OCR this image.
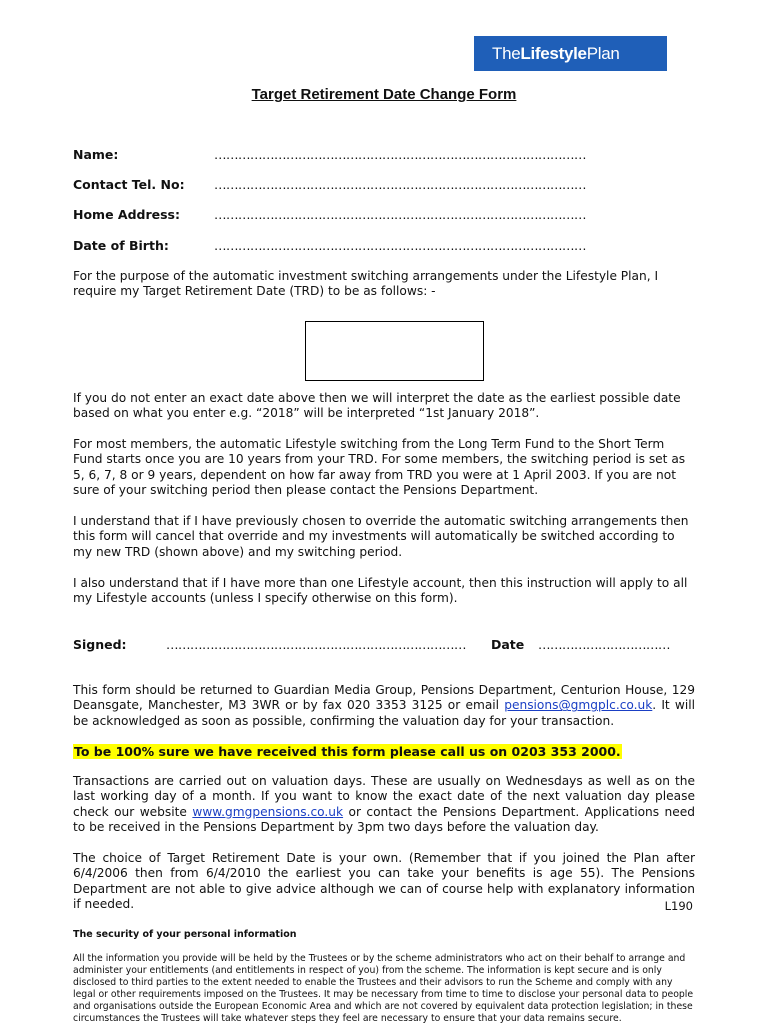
The Lifestyle Plan
Target Retirement Date Change Form
Name:	…………………………………………………………………………………
Contact Tel. No: …………………………………………………………………………………
Home Address:	…………………………………………………………………………………
Date of Birth:	…………………………………………………………………………………
For the purpose of the automatic investment switching arrangements under the Lifestyle Plan, I require my Target Retirement Date (TRD) to be as follows: -
If you do not enter an exact date above then we will interpret the date as the earliest possible date based on what you enter e.g. “2018” will be interpreted “1st January 2018”.
For most members, the automatic Lifestyle switching from the Long Term Fund to the Short Term Fund starts once you are 10 years from your TRD. For some members, the switching period is set as 5, 6, 7, 8 or 9 years, dependent on how far away from TRD you were at 1 April 2003. If you are not sure of your switching period then please contact the Pensions Department.
I understand that if I have previously chosen to override the automatic switching arrangements then this form will cancel that override and my investments will automatically be switched according to my new TRD (shown above) and my switching period.
I also understand that if I have more than one Lifestyle account, then this instruction will apply to all my Lifestyle accounts (unless I specify otherwise on this form).
Signed:	………………………………………………………………… Date ……………………………
This form should be returned to Guardian Media Group, Pensions Department, Centurion House, 129 Deansgate, Manchester, M3 3WR or by fax 020 3353 3125 or email pensions@gmgplc.co.uk. It will be acknowledged as soon as possible, confirming the valuation day for your transaction.
To be 100% sure we have received this form please call us on 0203 353 2000.
Transactions are carried out on valuation days. These are usually on Wednesdays as well as on the last working day of a month. If you want to know the exact date of the next valuation day please check our website www.gmgpensions.co.uk or contact the Pensions Department. Applications need to be received in the Pensions Department by 3pm two days before the valuation day.
The choice of Target Retirement Date is your own. (Remember that if you joined the Plan after 6/4/2006 then from 6/4/2010 the earliest you can take your benefits is age 55). The Pensions Department are not able to give advice although we can of course help with explanatory information if needed.	L190
The security of your personal information
All the information you provide will be held by the Trustees or by the scheme administrators who act on their behalf to arrange and administer your entitlements (and entitlements in respect of you) from the scheme. The information is kept secure and is only disclosed to third parties to the extent needed to enable the Trustees and their advisors to run the Scheme and comply with any legal or other requirements imposed on the Trustees. It may be necessary from time to time to disclose your personal data to people and organisations outside the European Economic Area and which are not covered by equivalent data protection legislation; in these circumstances the Trustees will take whatever steps they feel are necessary to ensure that your data remains secure.
